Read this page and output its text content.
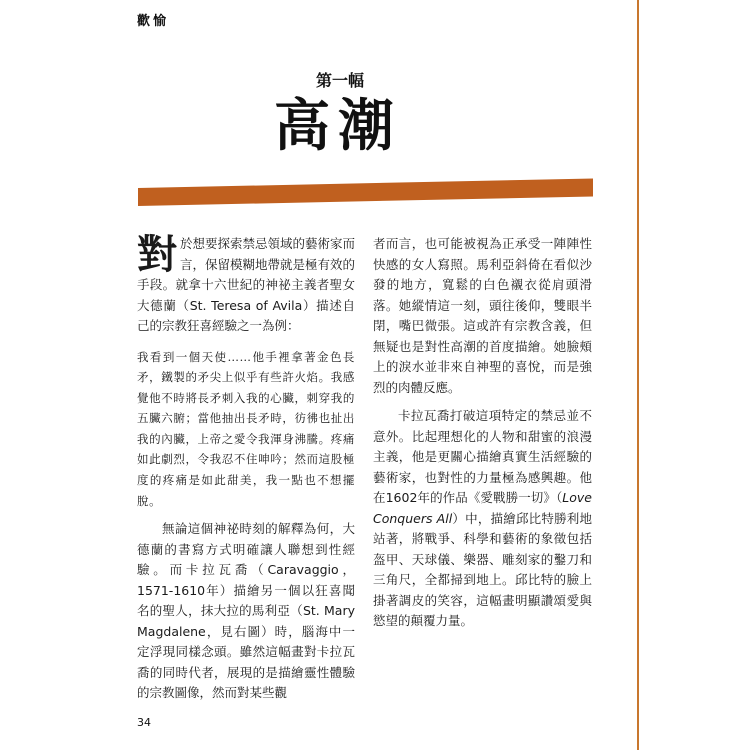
歡愉
第一幅
高潮

對於想要探索禁忌領域的藝術家而言，保留模糊地帶就是極有效的手段。就拿十六世紀的神祕主義者聖女大德蘭（St. Teresa of Avila）描述自己的宗教狂喜經驗之一為例：

我看到一個天使……他手裡拿著金色長矛，鐵製的矛尖上似乎有些許火焰。我感覺他不時將長矛刺入我的心臟，刺穿我的五臟六腑；當他抽出長矛時，彷彿也扯出我的內臟，上帝之愛令我渾身沸騰。疼痛如此劇烈，令我忍不住呻吟；然而這股極度的疼痛是如此甜美，我一點也不想擺脫。

無論這個神祕時刻的解釋為何，大德蘭的書寫方式明確讓人聯想到性經驗。而卡拉瓦喬（Caravaggio，1571-1610年）描繪另一個以狂喜聞名的聖人，抹大拉的馬利亞（St. Mary Magdalene，見右圖）時，腦海中一定浮現同樣念頭。雖然這幅畫對卡拉瓦喬的同時代者，展現的是描繪靈性體驗的宗教圖像，然而對某些觀

者而言，也可能被視為正承受一陣陣性快感的女人寫照。馬利亞斜倚在看似沙發的地方，寬鬆的白色襯衣從肩頭滑落。她縱情這一刻，頭往後仰，雙眼半閉，嘴巴微張。這或許有宗教含義，但無疑也是對性高潮的首度描繪。她臉頰上的淚水並非來自神聖的喜悅，而是強烈的肉體反應。

卡拉瓦喬打破這項特定的禁忌並不意外。比起理想化的人物和甜蜜的浪漫主義，他是更關心描繪真實生活經驗的藝術家，也對性的力量極為感興趣。他在1602年的作品《愛戰勝一切》（Love Conquers All）中，描繪邱比特勝利地站著，將戰爭、科學和藝術的象徵包括盔甲、天球儀、樂器、雕刻家的鑿刀和三角尺，全都掃到地上。邱比特的臉上掛著調皮的笑容，這幅畫明顯讚頌愛與慾望的顛覆力量。

34
